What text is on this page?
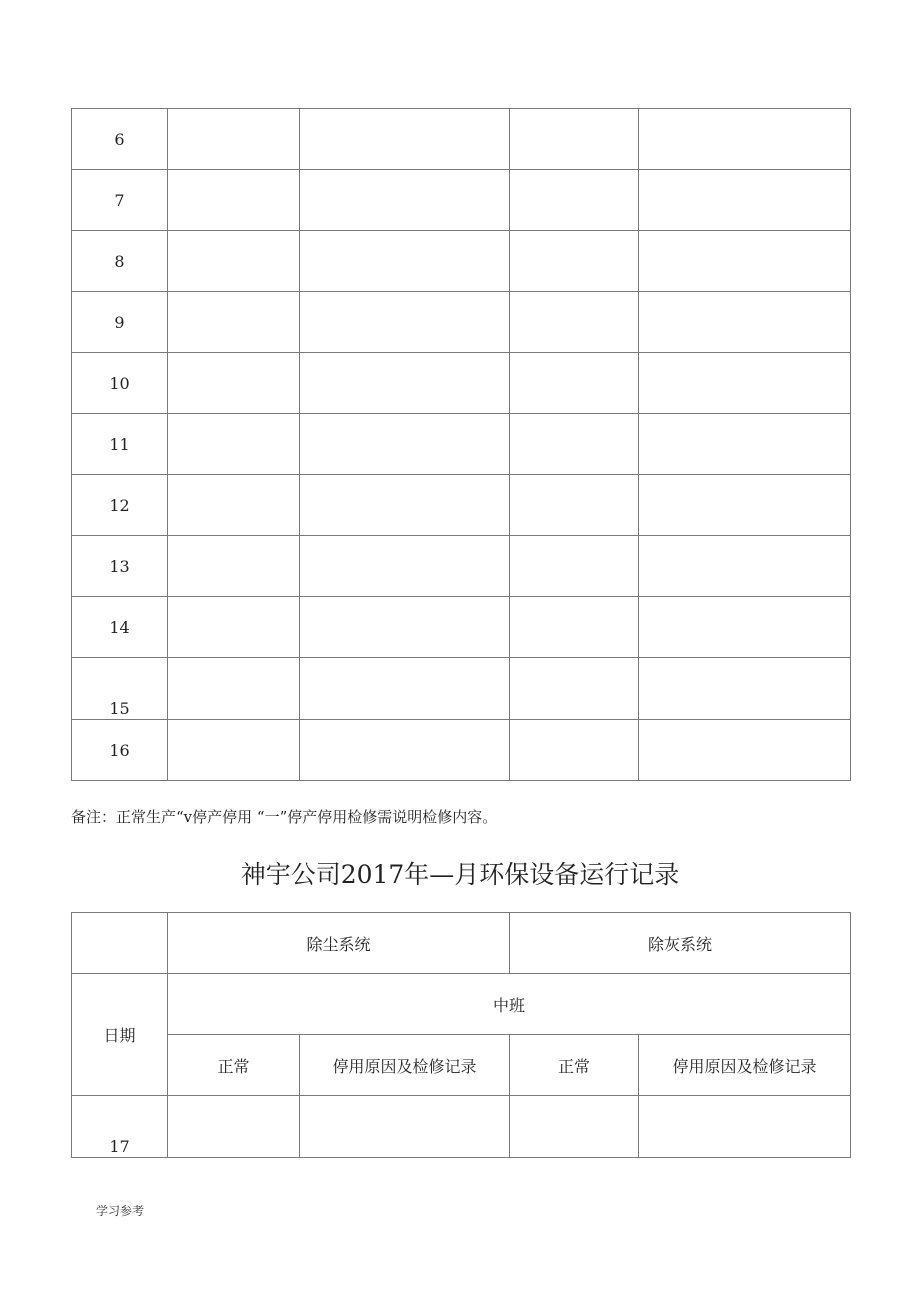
6				
7				
8				
9				
10				
11				
12				
13				
14				
15				
16				
备注：正常生产“v停产停用 “一”停产停用检修需说明检修内容。
神宇公司2017年—月环保设备运行记录
	除尘系统		除灰系统	
日期	中班			
	正常	停用原因及检修记录	正常	停用原因及检修记录
17				
学习参考
